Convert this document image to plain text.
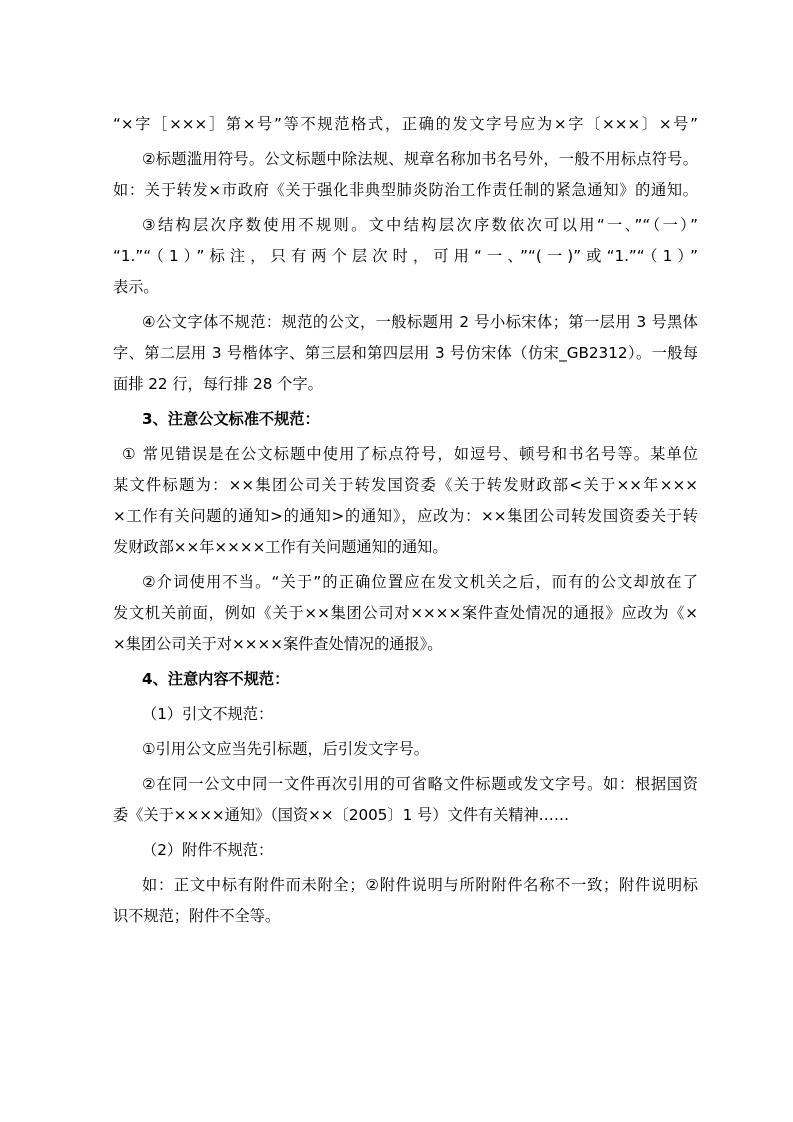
“×字［×××］第×号”等不规范格式，正确的发文字号应为×字〔×××〕×号”
②标题滥用符号。公文标题中除法规、规章名称加书名号外，一般不用标点符号。
如：关于转发×市政府《关于强化非典型肺炎防治工作责任制的紧急通知》的通知。
③结构层次序数使用不规则。文中结构层次序数依次可以用“一、”“（一）”
“1.”“（1）”标注，只有两个层次时，可用“一、”“(一)”或“1.”“（1）”
表示。
④公文字体不规范：规范的公文，一般标题用 2 号小标宋体；第一层用 3 号黑体
字、第二层用 3 号楷体字、第三层和第四层用 3 号仿宋体（仿宋_GB2312）。一般每
面排 22 行，每行排 28 个字。
3、注意公文标准不规范：
① 常见错误是在公文标题中使用了标点符号，如逗号、顿号和书名号等。某单位
某文件标题为：××集团公司关于转发国资委《关于转发财政部<关于××年×××
×工作有关问题的通知>的通知>的通知》，应改为：××集团公司转发国资委关于转
发财政部××年××××工作有关问题通知的通知。
②介词使用不当。“关于”的正确位置应在发文机关之后，而有的公文却放在了
发文机关前面，例如《关于××集团公司对××××案件查处情况的通报》应改为《×
×集团公司关于对××××案件查处情况的通报》。
4、注意内容不规范：
（1）引文不规范：
①引用公文应当先引标题，后引发文字号。
②在同一公文中同一文件再次引用的可省略文件标题或发文字号。如：根据国资
委《关于××××通知》（国资××〔2005〕1 号）文件有关精神……
（2）附件不规范：
如：正文中标有附件而未附全；②附件说明与所附附件名称不一致；附件说明标
识不规范；附件不全等。
